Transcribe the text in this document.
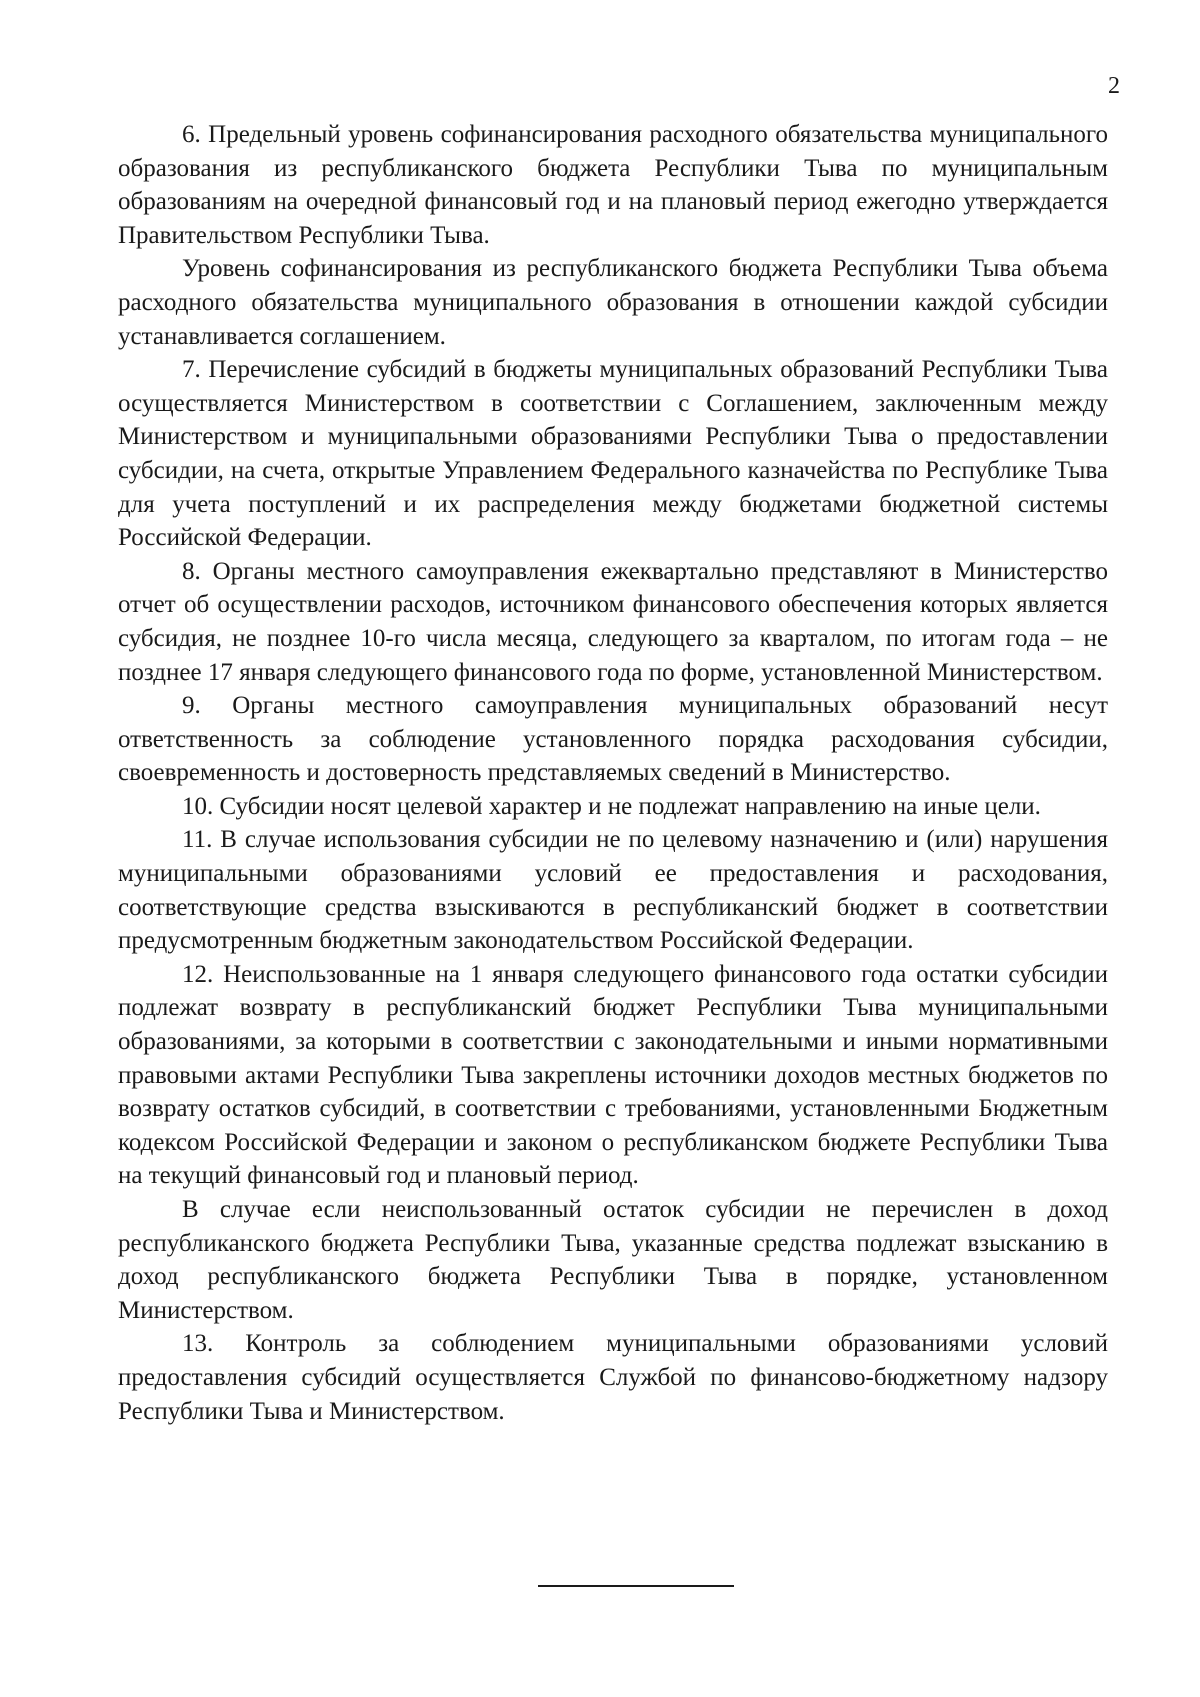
2

6. Предельный уровень софинансирования расходного обязательства муниципального образования из республиканского бюджета Республики Тыва по муниципальным образованиям на очередной финансовый год и на плановый период ежегодно утверждается Правительством Республики Тыва.

Уровень софинансирования из республиканского бюджета Республики Тыва объема расходного обязательства муниципального образования в отношении каждой субсидии устанавливается соглашением.

7. Перечисление субсидий в бюджеты муниципальных образований Республики Тыва осуществляется Министерством в соответствии с Соглашением, заключенным между Министерством и муниципальными образованиями Республики Тыва о предоставлении субсидии, на счета, открытые Управлением Федерального казначейства по Республике Тыва для учета поступлений и их распределения между бюджетами бюджетной системы Российской Федерации.

8. Органы местного самоуправления ежеквартально представляют в Министерство отчет об осуществлении расходов, источником финансового обеспечения которых является субсидия, не позднее 10-го числа месяца, следующего за кварталом, по итогам года – не позднее 17 января следующего финансового года по форме, установленной Министерством.

9. Органы местного самоуправления муниципальных образований несут ответственность за соблюдение установленного порядка расходования субсидии, своевременность и достоверность представляемых сведений в Министерство.

10. Субсидии носят целевой характер и не подлежат направлению на иные цели.

11. В случае использования субсидии не по целевому назначению и (или) нарушения муниципальными образованиями условий ее предоставления и расходования, соответствующие средства взыскиваются в республиканский бюджет в соответствии предусмотренным бюджетным законодательством Российской Федерации.

12. Неиспользованные на 1 января следующего финансового года остатки субсидии подлежат возврату в республиканский бюджет Республики Тыва муниципальными образованиями, за которыми в соответствии с законодательными и иными нормативными правовыми актами Республики Тыва закреплены источники доходов местных бюджетов по возврату остатков субсидий, в соответствии с требованиями, установленными Бюджетным кодексом Российской Федерации и законом о республиканском бюджете Республики Тыва на текущий финансовый год и плановый период.

В случае если неиспользованный остаток субсидии не перечислен в доход республиканского бюджета Республики Тыва, указанные средства подлежат взысканию в доход республиканского бюджета Республики Тыва в порядке, установленном Министерством.

13. Контроль за соблюдением муниципальными образованиями условий предоставления субсидий осуществляется Службой по финансово-бюджетному надзору Республики Тыва и Министерством.
